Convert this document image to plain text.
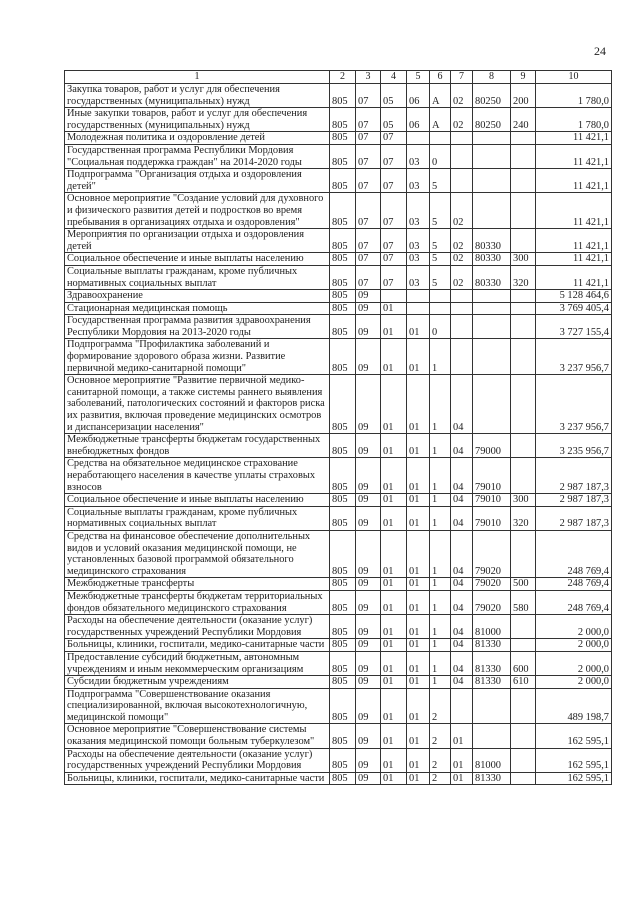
24
1	2	3	4	5	6	7	8	9	10
Закупка товаров, работ и услуг для обеспечения государственных (муниципальных) нужд	805	07	05	06	А	02	80250	200	1 780,0
Иные закупки товаров, работ и услуг для обеспечения государственных (муниципальных) нужд	805	07	05	06	А	02	80250	240	1 780,0
Молодежная политика и оздоровление детей	805	07	07						11 421,1
Государственная программа Республики Мордовия "Социальная поддержка граждан" на 2014-2020 годы	805	07	07	03	0				11 421,1
Подпрограмма "Организация отдыха и оздоровления детей"	805	07	07	03	5				11 421,1
Основное мероприятие "Создание условий для духовного и физического развития детей и подростков во время пребывания в организациях отдыха и оздоровления"	805	07	07	03	5	02			11 421,1
Мероприятия по организации отдыха и оздоровления детей	805	07	07	03	5	02	80330		11 421,1
Социальное обеспечение и иные выплаты населению	805	07	07	03	5	02	80330	300	11 421,1
Социальные выплаты гражданам, кроме публичных нормативных социальных выплат	805	07	07	03	5	02	80330	320	11 421,1
Здравоохранение	805	09							5 128 464,6
Стационарная медицинская помощь	805	09	01						3 769 405,4
Государственная программа развития здравоохранения Республики Мордовия на 2013-2020 годы	805	09	01	01	0				3 727 155,4
Подпрограмма "Профилактика заболеваний и формирование здорового образа жизни. Развитие первичной медико-санитарной помощи"	805	09	01	01	1				3 237 956,7
Основное мероприятие "Развитие первичной медико-санитарной помощи, а также системы раннего выявления заболеваний, патологических состояний и факторов риска их развития, включая проведение медицинских осмотров и диспансеризации населения"	805	09	01	01	1	04			3 237 956,7
Межбюджетные трансферты бюджетам государственных внебюджетных фондов	805	09	01	01	1	04	79000		3 235 956,7
Средства на обязательное медицинское страхование неработающего населения в качестве уплаты страховых взносов	805	09	01	01	1	04	79010		2 987 187,3
Социальное обеспечение и иные выплаты населению	805	09	01	01	1	04	79010	300	2 987 187,3
Социальные выплаты гражданам, кроме публичных нормативных социальных выплат	805	09	01	01	1	04	79010	320	2 987 187,3
Средства на финансовое обеспечение дополнительных видов и условий оказания медицинской помощи, не установленных базовой программой обязательного медицинского страхования	805	09	01	01	1	04	79020		248 769,4
Межбюджетные трансферты	805	09	01	01	1	04	79020	500	248 769,4
Межбюджетные трансферты бюджетам территориальных фондов обязательного медицинского страхования	805	09	01	01	1	04	79020	580	248 769,4
Расходы на обеспечение деятельности (оказание услуг) государственных учреждений Республики Мордовия	805	09	01	01	1	04	81000		2 000,0
Больницы, клиники, госпитали, медико-санитарные части	805	09	01	01	1	04	81330		2 000,0
Предоставление субсидий бюджетным, автономным учреждениям и иным некоммерческим организациям	805	09	01	01	1	04	81330	600	2 000,0
Субсидии бюджетным учреждениям	805	09	01	01	1	04	81330	610	2 000,0
Подпрограмма "Совершенствование оказания специализированной, включая высокотехнологичную, медицинской помощи"	805	09	01	01	2				489 198,7
Основное мероприятие "Совершенствование системы оказания медицинской помощи больным туберкулезом"	805	09	01	01	2	01			162 595,1
Расходы на обеспечение деятельности (оказание услуг) государственных учреждений Республики Мордовия	805	09	01	01	2	01	81000		162 595,1
Больницы, клиники, госпитали, медико-санитарные части	805	09	01	01	2	01	81330		162 595,1
